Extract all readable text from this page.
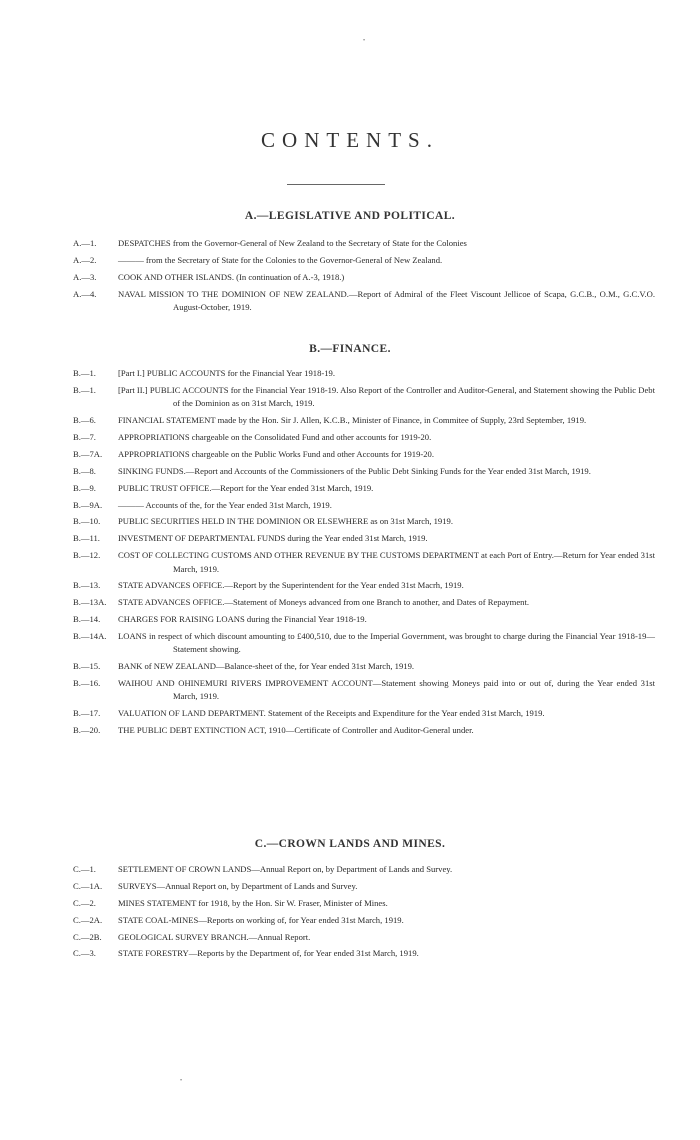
CONTENTS.
A.—LEGISLATIVE AND POLITICAL.
A.—1.	DESPATCHES from the Governor-General of New Zealand to the Secretary of State for the Colonies
A.—2.	——— from the Secretary of State for the Colonies to the Governor-General of New Zealand.
A.—3.	COOK AND OTHER ISLANDS. (In continuation of A.-3, 1918.)
A.—4.	NAVAL MISSION TO THE DOMINION OF NEW ZEALAND.—Report of Admiral of the Fleet Viscount Jellicoe of Scapa, G.C.B., O.M., G.C.V.O. August-October, 1919.
B.—FINANCE.
B.—1.	[Part I.] PUBLIC ACCOUNTS for the Financial Year 1918-19.
B.—1.	[Part II.] PUBLIC ACCOUNTS for the Financial Year 1918-19. Also Report of the Controller and Auditor-General, and Statement showing the Public Debt of the Dominion as on 31st March, 1919.
B.—6.	FINANCIAL STATEMENT made by the Hon. Sir J. Allen, K.C.B., Minister of Finance, in Commitee of Supply, 23rd September, 1919.
B.—7.	APPROPRIATIONS chargeable on the Consolidated Fund and other accounts for 1919-20.
B.—7A.	APPROPRIATIONS chargeable on the Public Works Fund and other Accounts for 1919-20.
B.—8.	SINKING FUNDS.—Report and Accounts of the Commissioners of the Public Debt Sinking Funds for the Year ended 31st March, 1919.
B.—9.	PUBLIC TRUST OFFICE.—Report for the Year ended 31st March, 1919.
B.—9A.	——— Accounts of the, for the Year ended 31st March, 1919.
B.—10.	PUBLIC SECURITIES HELD IN THE DOMINION OR ELSEWHERE as on 31st March, 1919.
B.—11.	INVESTMENT OF DEPARTMENTAL FUNDS during the Year ended 31st March, 1919.
B.—12.	COST OF COLLECTING CUSTOMS AND OTHER REVENUE BY THE CUSTOMS DEPARTMENT at each Port of Entry.—Return for Year ended 31st March, 1919.
B.—13.	STATE ADVANCES OFFICE.—Report by the Superintendent for the Year ended 31st Macrh, 1919.
B.—13A.	STATE ADVANCES OFFICE.—Statement of Moneys advanced from one Branch to another, and Dates of Repayment.
B.—14.	CHARGES FOR RAISING LOANS during the Financial Year 1918-19.
B.—14A.	LOANS in respect of which discount amounting to £400,510, due to the Imperial Government, was brought to charge during the Financial Year 1918-19—Statement showing.
B.—15.	BANK of NEW ZEALAND—Balance-sheet of the, for Year ended 31st March, 1919.
B.—16.	WAIHOU AND OHINEMURI RIVERS IMPROVEMENT ACCOUNT—Statement showing Moneys paid into or out of, during the Year ended 31st March, 1919.
B.—17.	VALUATION OF LAND DEPARTMENT. Statement of the Receipts and Expenditure for the Year ended 31st March, 1919.
B.—20.	THE PUBLIC DEBT EXTINCTION ACT, 1910—Certificate of Controller and Auditor-General under.
C.—CROWN LANDS AND MINES.
C.—1.	SETTLEMENT OF CROWN LANDS—Annual Report on, by Department of Lands and Survey.
C.—1A.	SURVEYS—Annual Report on, by Department of Lands and Survey.
C.—2.	MINES STATEMENT for 1918, by the Hon. Sir W. Fraser, Minister of Mines.
C.—2A.	STATE COAL-MINES—Reports on working of, for Year ended 31st March, 1919.
C.—2B.	GEOLOGICAL SURVEY BRANCH.—Annual Report.
C.—3.	STATE FORESTRY—Reports by the Department of, for Year ended 31st March, 1919.
•
•
